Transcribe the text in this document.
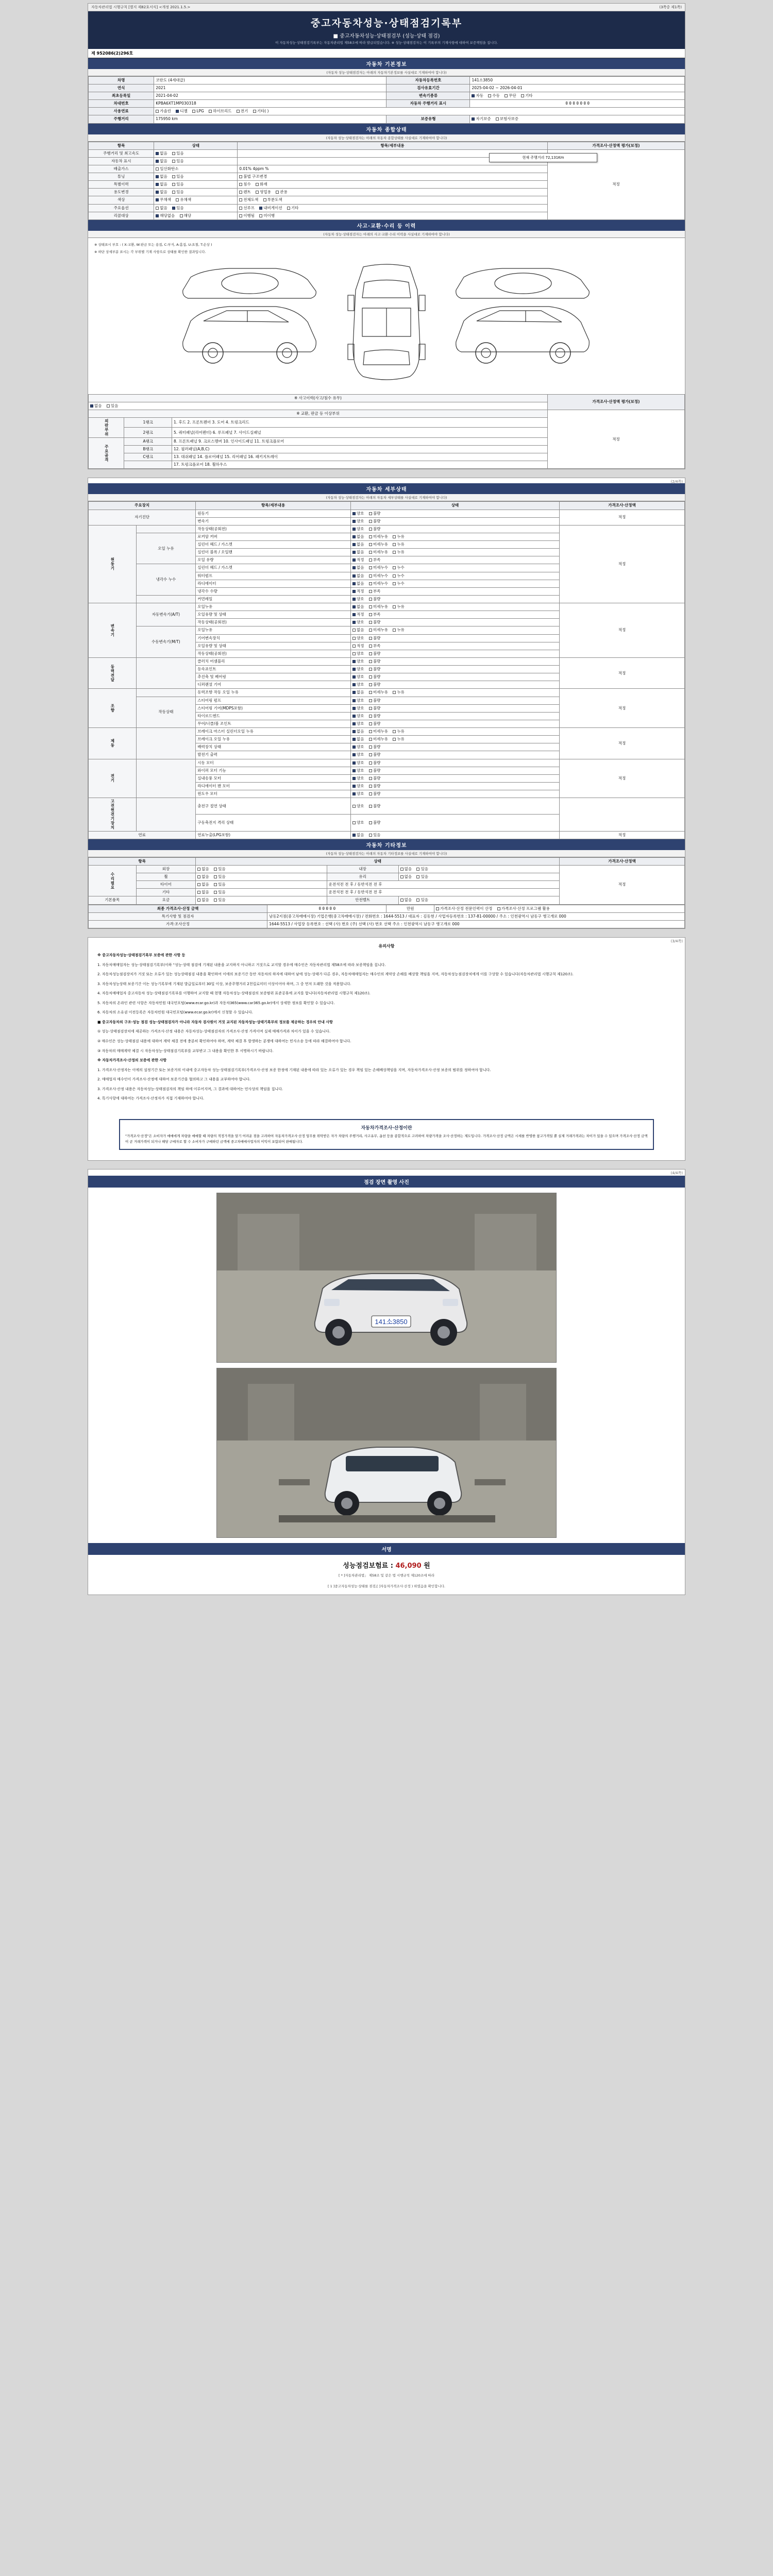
자동차관리법 시행규칙 [별지 제82호서식] <개정 2021.1.5.>	(3쪽중 제1쪽)
중고자동차성능·상태점검기록부
■ 중고자동차성능·상태점검부 (성능·상태 점검)
이 자동차성능·상태점검기록부는 자동차관리법 제58조에 따라 발급되었습니다. ※ 성능·상태점검자는 이 기록부의 기재사항에 대하여 보증책임을 집니다.
제 952086(2)296호
자동차 기본정보
(자동차 성능·상태점검자는 아래의 자동차기본정보를 사실대로 기재하여야 합니다)
차명	코란도 (4세대급)	자동차등록번호	141소3850
연식	2021	검사유효기간	2025-04-02 ~ 2026-04-01
최초등록일	2021-04-02	변속기종류	자동 수동 무단 기타
차대번호	KPBA6XT1MP030318	자동차 주행거리 표시	0 0 0 0 0 0 0
사용연료	가솔린 디젤 LPG 하이브리드 전기 기타( )		
주행거리	175950 km	보증유형	자기보증 보험사보증
자동차 종합상태
(자동차 성능·상태점검자는 아래의 자동차 종합상태를 사실대로 기재하여야 합니다)
항목	상태	항목/세부내용	가격조사·산정액 평가(보정)
주행거리 및 최고속도	없음 있음		적정
자동차 표시	없음 있음		
배출가스	일산화탄소	0.01% 4ppm %	
튜닝	없음 있음	불법 구조변경	
특별이력	없음 있음	침수 화재	
용도변경	없음 있음	렌트 영업용 관용	
색상	무채색 유채색	전체도색 부분도색	
주요옵션	없음 있음	선루프 내비게이션 기타	
리콜대상	해당없음 해당	이행됨 미이행	
현재 주행거리 72,131Km
사고·교환·수리 등 이력
(자동차 성능·상태점검자는 아래의 사고·교환·수리 이력을 사실대로 기재하여야 합니다)
※ 상태표시 부호 : ( X:교환, W:판금 또는 용접, C:부식, A:흠집, U:요철, T:손상 )
※ 하단 상세부분 표시는 각 부위별 기재 사항으로 상태를 확인한 결과입니다.
※ 사고이력(사고/침수 유무)			가격조사·산정액 평가(보정)
없음 있음			
※ 교환, 판금 등 이상부위			적정
외판부위	1랭크	1. 후드 2. 프론트펜더 3. 도어 4. 트렁크리드	
	2랭크	5. 쿼터패널(리어펜더) 6. 루프패널 7. 사이드실패널	
주요골격	A랭크	8. 프론트패널 9. 크로스멤버 10. 인사이드패널 11. 트렁크플로어	
	B랭크	12. 필러패널(A,B,C)	
	C랭크	13. 대쉬패널 14. 플로어패널 15. 리어패널 16. 패키지트레이	
		17. 트렁크플로어 18. 휠하우스	
(2/4쪽)
자동차 세부상태
(자동차 성능·상태점검자는 아래의 자동차 세부상태를 사실대로 기재하여야 합니다)
주요장치		항목/세부내용	상태	가격조사·산정액
자기진단		원동기	양호 불량	적정
		변속기	양호 불량	
원동기		작동상태(공회전)	양호 불량	적정
	오일 누유	로커암 커버	없음 미세누유 누유	
		실린더 헤드 / 가스켓	없음 미세누유 누유	
		실린더 블록 / 오일팬	없음 미세누유 누유	
		오일 유량	적정 부족	
	냉각수 누수	실린더 헤드 / 가스켓	없음 미세누수 누수	
		워터펌프	없음 미세누수 누수	
		라디에이터	없음 미세누수 누수	
		냉각수 수량	적정 부족	
		커먼레일	양호 불량	
변속기	자동변속기(A/T)	오일누유	없음 미세누유 누유	적정
		오일유량 및 상태	적정 부족	
		작동상태(공회전)	양호 불량	
	수동변속기(M/T)	오일누유	없음 미세누유 누유	
		기어변속장치	양호 불량	
		오일유량 및 상태	적정 부족	
		작동상태(공회전)	양호 불량	
동력전달		클러치 어셈블리	양호 불량	적정
		등속죠인트	양호 불량	
		추진축 및 베어링	양호 불량	
		디퍼렌셜 기어	양호 불량	
조향		동력조향 작동 오일 누유	없음 미세누유 누유	적정
	작동상태	스티어링 펌프	양호 불량	
		스티어링 기어(MDPS포함)	양호 불량	
		타이로드엔드	양호 불량	
		무어/너클/볼 조인트	양호 불량	
제동		브레이크 마스터 실린더오일 누유	없음 미세누유 누유	적정
		브레이크 오일 누유	없음 미세누유 누유	
		배력장치 상태	양호 불량	
		발전기 출력	양호 불량	
전기		시동 모터	양호 불량	적정
		와이퍼 모터 기능	양호 불량	
		실내송풍 모터	양호 불량	
		라디에이터 팬 모터	양호 불량	
		윈도우 모터	양호 불량	
고전원전기장치		충전구 절연 상태	양호 불량	
		구동축전지 격리 상태	양호 불량	
연료		연료누출(LPG포함)	없음 있음	적정
자동차 기타정보
(자동차 성능·상태점검자는 아래의 자동차 기타정보를 사실대로 기재하여야 합니다)
항목		상태			가격조사·산정액
수리필요	외장	없음 있음	내장	없음 있음	적정
	휠	없음 있음	유리	없음 있음	
	타이어	없음 있음	운전석전 전 후 / 동반석전 전 후		
	기타	없음 있음	운전석전 전 후 / 동반석전 전 후		
기본품목	요금	없음 있음	안전벨트	없음 있음	
최종 가격조사·산정 금액	0 0 0 0 0	만원	가격조사·산정 전문인력이 산정 가격조사·산정 프로그램 활용
특기사항 및 점검자	남동2지점(중고차매매시장) 기업은행(중고차매매시장) / 전화번호 : 1644-5513 / 대표자 : 김동현 / 사업자등록번호 : 137-81-00000 / 주소 : 인천광역시 남동구 앵고개로 000		
가격·조사산정	1644-5513 / 사업장 등록번호 : 선택 (사) 번호 (주) 선택 (사) 번호 선택 주소 : 인천광역시 남동구 앵고개로 000		
(3/4쪽)
유의사항
※ 중고자동차성능·상태점검기록부 보증에 관한 사항 등
1. 자동차매매업자는 성능·상태점검기록부(이하 "성능·상태 점검에 기재된 내용을 교지하지 아니하고 거짓으로 교지할 경우에 매수인은 자동차관리법 제58조에 따라 보증책임을 집니다.
2. 자동차성능점검장치가 거짓 또는 오류가 있는 성능상태점검 내용을 확인하여 이에의 보증기간 동안 자동차의 하자에 대하여 남에 성능·상태가 다른 경우, 자동차매매업자는 매수인의 계약상 손해를 배상할 책임을 지며, 자동차성능점검장치에게 이를 구상할 수 있습니다(자동차관리법 시행규칙 제120조).
3. 자동차성능상태 보증기간 이는 성능기록부에 기재된 발급일로부터 30일 이상, 보증주행거리 2천킬로미터 이상이어야 하며, 그 중 먼저 도래한 것을 적용합니다.
4. 자동차매매업자 중고자동차 성능·상태점검기록부를 이행하여 교지할 때 현행 자동차성능·상태점검의 보증범위 표준공휴에 교지를 합니다(자동차관리법 시행규칙 제120조).
5. 자동차의 온라인 관련 사항은 자동차민원 대국민포털(www.ecar.go.kr)과 자동차365(www.car365.go.kr)에서 상세한 정보를 확인할 수 있습니다.
6. 자동차의 소유권 이전등록은 자동차민원 대국민포털(www.ecar.go.kr)에서 신청할 수 있습니다.
■ 중고자동차의 구조·성능 점검 성능·상태점검자가 아니라 자동차 검사원이 거짓 교지된 자동차성능·상태기록부의 정보를 제공하는 경우의 안내 사항
① 성능·상태점검장치에 제공하는 가격조사·산정 내용은 자동차성능·상태점검자의 가격조사·산정 가격이며 실제 매매가격과 차이가 있을 수 있습니다.
② 매수인은 성능·상태점검 내용에 대하여 계약 체결 전에 충분히 확인하여야 하며, 계약 체결 후 발생하는 분쟁에 대하여는 민사소송 등에 따라 해결하여야 합니다.
③ 자동차의 매매계약 체결 시 자동차성능·상태점검기록부를 교부받고 그 내용을 확인한 후 서명하시기 바랍니다.
※ 자동차가격조사·산정의 보증에 관한 사항
1. 가격조사·산정자는 이에의 설정기간 또는 보증거의 이내에 중고자동차 성능·상태점검기록부(가격조사·산정 보증 한정에 기재된 내용에 따라 있는 오류가 있는 경우 책임 있는 손해배상책임을 지며, 자동차가격조사·산정 보증의 범위를 정하여야 합니다.
2. 매매업자 매수인이 가격조사·산정에 대하여 보증기간을 협의하고 그 내용을 교부하여야 합니다.
3. 가격조사·산정 내용은 자동차성능·상태점검자의 책임 하에 이루어지며, 그 결과에 대하여는 민사상의 책임을 집니다.
4. 특기사항에 대하여는 가격조사·산정자가 직접 기재하여야 합니다.
자동차가격조사·산정이란
"가격조사·산정"은 소비자가 매매에게 차량을 매매할 때 차량의 적정가격을 알기 어려운 점을 고려하여 자동차가격조사·산정 업무를 위탁받은 자가 차량의 주행거리, 사고유무, 옵션 등을 종합적으로 고려하여 차량가격을 조사·산정하는 제도입니다. 가격조사·산정 금액은 시세를 반영한 참고가격일 뿐 실제 거래가격과는 차이가 있을 수 있으며 가격조사·산정 금액이 곧 거래가격이 되거나 해당 구매자로 할 수 소비자가 구매하던 금액에 중고차매매사업자의 이익이 포함되어 판매됩니다.
(4/4쪽)
점검 장면 촬영 사진
141소3850
서명
성능점검보험료 : 46,090 원
[ * ]자동차관리법」 제58조 및 같은 법 시행규칙 제120조에 따라
[ 1 ]중고자동차성능·상태를 점검,[ ]자동차가격조사·산정 ) 하였음을 확인합니다.
